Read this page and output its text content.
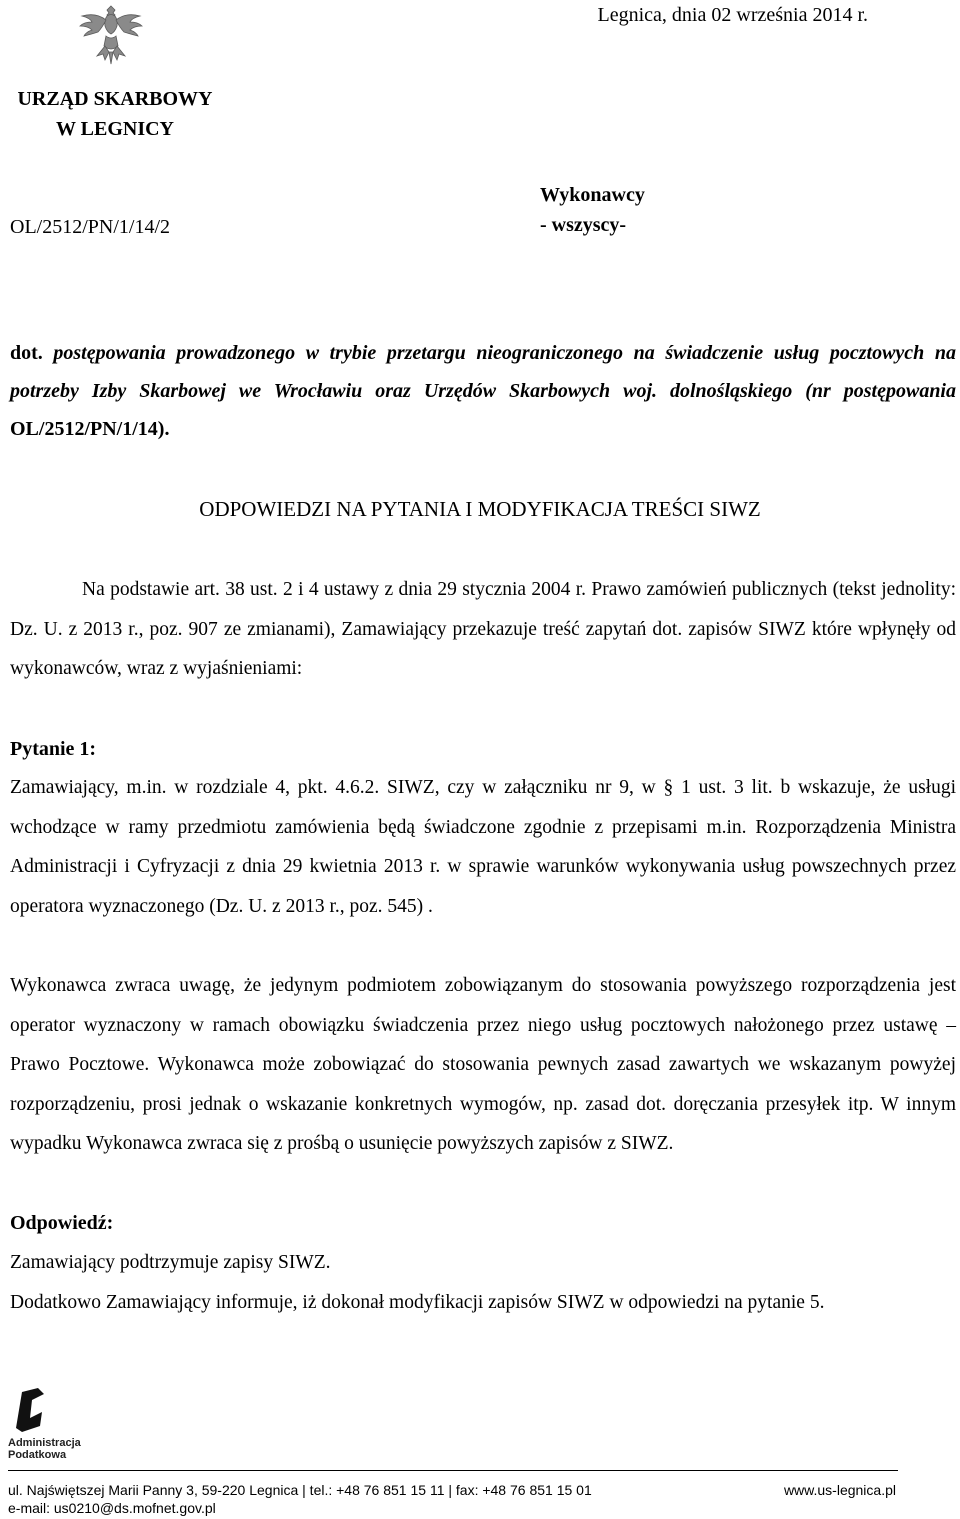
Legnica, dnia 02 września 2014 r.
URZĄD SKARBOWY
W LEGNICY
Wykonawcy
- wszyscy-
OL/2512/PN/1/14/2
dot. postępowania prowadzonego w trybie przetargu nieograniczonego na świadczenie usług pocztowych na potrzeby Izby Skarbowej we Wrocławiu oraz Urzędów Skarbowych woj. dolnośląskiego (nr postępowania OL/2512/PN/1/14).
ODPOWIEDZI NA PYTANIA I MODYFIKACJA TREŚCI SIWZ
Na podstawie art. 38 ust. 2 i 4 ustawy z dnia 29 stycznia 2004 r. Prawo zamówień publicznych (tekst jednolity: Dz. U. z 2013 r., poz. 907 ze zmianami), Zamawiający przekazuje treść zapytań dot. zapisów SIWZ które wpłynęły od wykonawców, wraz z wyjaśnieniami:
Pytanie 1:
Zamawiający, m.in. w rozdziale 4, pkt. 4.6.2. SIWZ, czy w załączniku nr 9, w § 1 ust. 3 lit. b wskazuje, że usługi wchodzące w ramy przedmiotu zamówienia będą świadczone zgodnie z przepisami m.in. Rozporządzenia Ministra Administracji i Cyfryzacji z dnia 29 kwietnia 2013 r. w sprawie warunków wykonywania usług powszechnych przez operatora wyznaczonego (Dz. U. z 2013 r., poz. 545) .
Wykonawca zwraca uwagę, że jedynym podmiotem zobowiązanym do stosowania powyższego rozporządzenia jest operator wyznaczony w ramach obowiązku świadczenia przez niego usług pocztowych nałożonego przez ustawę – Prawo Pocztowe. Wykonawca może zobowiązać do stosowania pewnych zasad zawartych we wskazanym powyżej rozporządzeniu, prosi jednak o wskazanie konkretnych wymogów, np. zasad dot. doręczania przesyłek itp. W innym wypadku Wykonawca zwraca się z prośbą o usunięcie powyższych zapisów z SIWZ.
Odpowiedź:
Zamawiający podtrzymuje zapisy SIWZ.
Dodatkowo Zamawiający informuje, iż dokonał modyfikacji zapisów SIWZ w odpowiedzi na pytanie 5.
Administracja
Podatkowa
ul. Najświętszej Marii Panny 3, 59-220 Legnica | tel.: +48 76 851 15 11 | fax: +48 76 851 15 01
e-mail: us0210@ds.mofnet.gov.pl
www.us-legnica.pl
